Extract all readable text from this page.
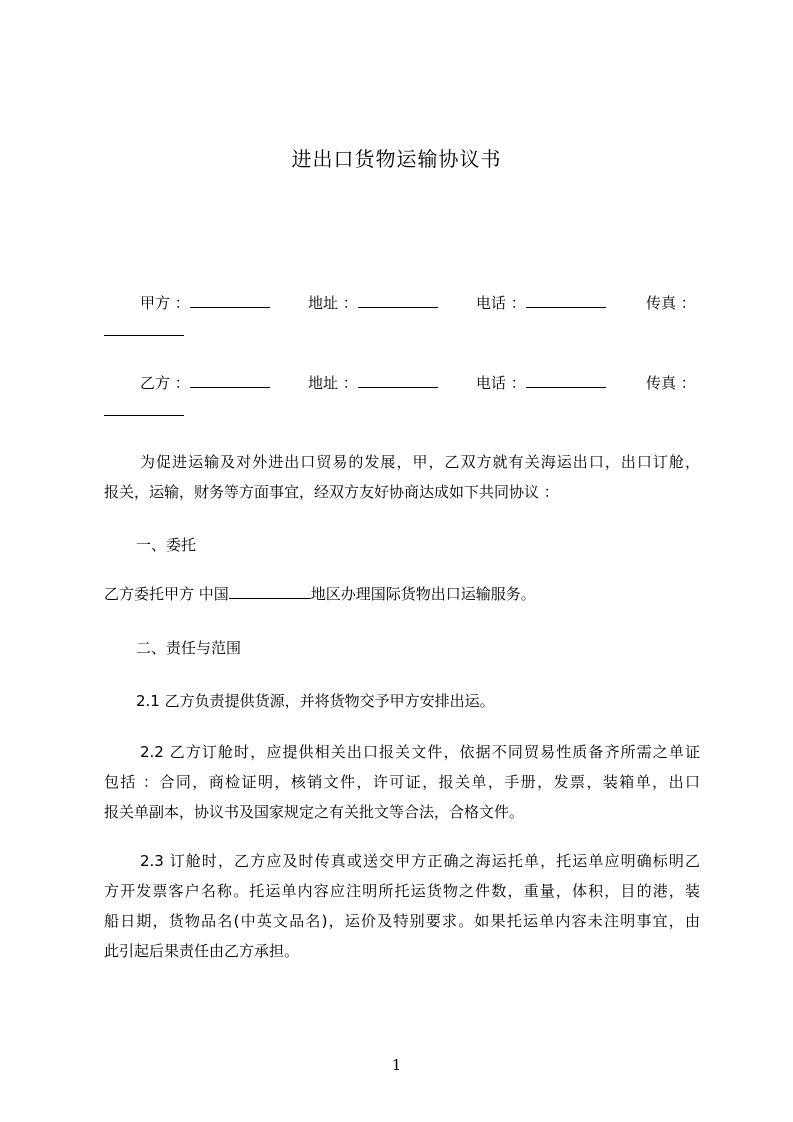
进出口货物运输协议书
甲方 ：	地址 ：	电话 ：	传真 ：
乙方 ：	地址 ：	电话 ：	传真 ：
为促进运输及对外进出口贸易的发展，甲，乙双方就有关海运出口，出口订舱，
报关，运输，财务等方面事宜，经双方友好协商达成如下共同协议 ：
一、委托
乙方委托甲方 中国	地区办理国际货物出口运输服务。
二、责任与范围
2.1 乙方负责提供货源，并将货物交予甲方安排出运。
2.2 乙方订舱时，应提供相关出口报关文件，依据不同贸易性质备齐所需之单证
包括 ：合同，商检证明，核销文件，许可证，报关单，手册，发票，装箱单，出口
报关单副本，协议书及国家规定之有关批文等合法，合格文件。
2.3 订舱时，乙方应及时传真或送交甲方正确之海运托单，托运单应明确标明乙
方开发票客户名称。托运单内容应注明所托运货物之件数，重量，体积，目的港，装
船日期，货物品名(中英文品名)，运价及特别要求。如果托运单内容未注明事宜，由
此引起后果责任由乙方承担。
1
